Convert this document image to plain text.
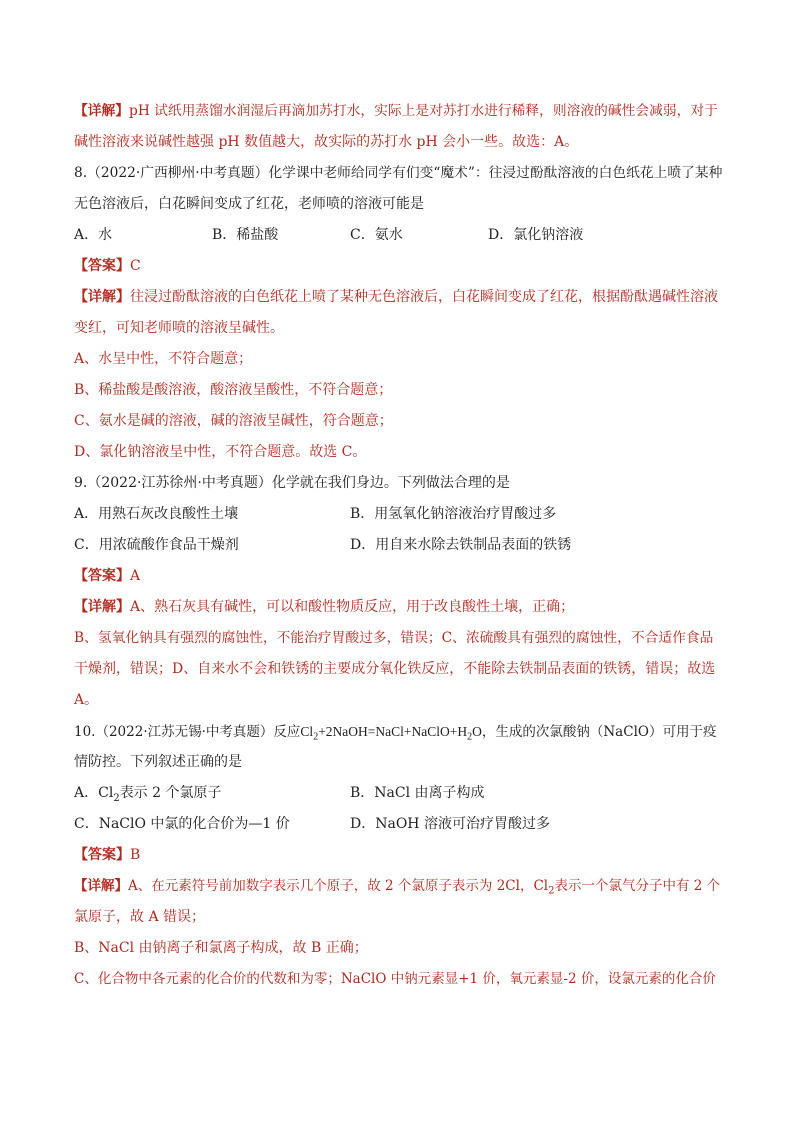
【详解】pH 试纸用蒸馏水润湿后再滴加苏打水，实际上是对苏打水进行稀释，则溶液的碱性会减弱，对于
碱性溶液来说碱性越强 pH 数值越大，故实际的苏打水 pH 会小一些。故选：A。
8.（2022·广西柳州·中考真题）化学课中老师给同学有们变“魔术”：往浸过酚酞溶液的白色纸花上喷了某种
无色溶液后，白花瞬间变成了红花，老师喷的溶液可能是
A．水	B．稀盐酸	C．氨水	D．氯化钠溶液
【答案】C
【详解】往浸过酚酞溶液的白色纸花上喷了某种无色溶液后，白花瞬间变成了红花，根据酚酞遇碱性溶液
变红，可知老师喷的溶液呈碱性。
A、水呈中性，不符合题意；
B、稀盐酸是酸溶液，酸溶液呈酸性，不符合题意；
C、氨水是碱的溶液，碱的溶液呈碱性，符合题意；
D、氯化钠溶液呈中性，不符合题意。故选 C。
9.（2022·江苏徐州·中考真题）化学就在我们身边。下列做法合理的是
A．用熟石灰改良酸性土壤	B．用氢氧化钠溶液治疗胃酸过多
C．用浓硫酸作食品干燥剂	D．用自来水除去铁制品表面的铁锈
【答案】A
【详解】A、熟石灰具有碱性，可以和酸性物质反应，用于改良酸性土壤，正确；
B、氢氧化钠具有强烈的腐蚀性，不能治疗胃酸过多，错误；C、浓硫酸具有强烈的腐蚀性，不合适作食品
干燥剂，错误；D、自来水不会和铁锈的主要成分氧化铁反应，不能除去铁制品表面的铁锈，错误；故选
A。
10.（2022·江苏无锡·中考真题）反应$Cl_2+2NaOH=NaCl+NaClO+H_2O$，生成的次氯酸钠（NaClO）可用于疫
情防控。下列叙述正确的是
A．$Cl_2$表示 2 个氯原子	B．NaCl 由离子构成
C．NaClO 中氯的化合价为—1 价	D．NaOH 溶液可治疗胃酸过多
【答案】B
【详解】A、在元素符号前加数字表示几个原子，故 2 个氯原子表示为 2Cl，$Cl_2$表示一个氯气分子中有 2 个
氯原子，故 A 错误；
B、NaCl 由钠离子和氯离子构成，故 B 正确；
C、化合物中各元素的化合价的代数和为零；NaClO 中钠元素显+1 价，氧元素显-2 价，设氯元素的化合价
